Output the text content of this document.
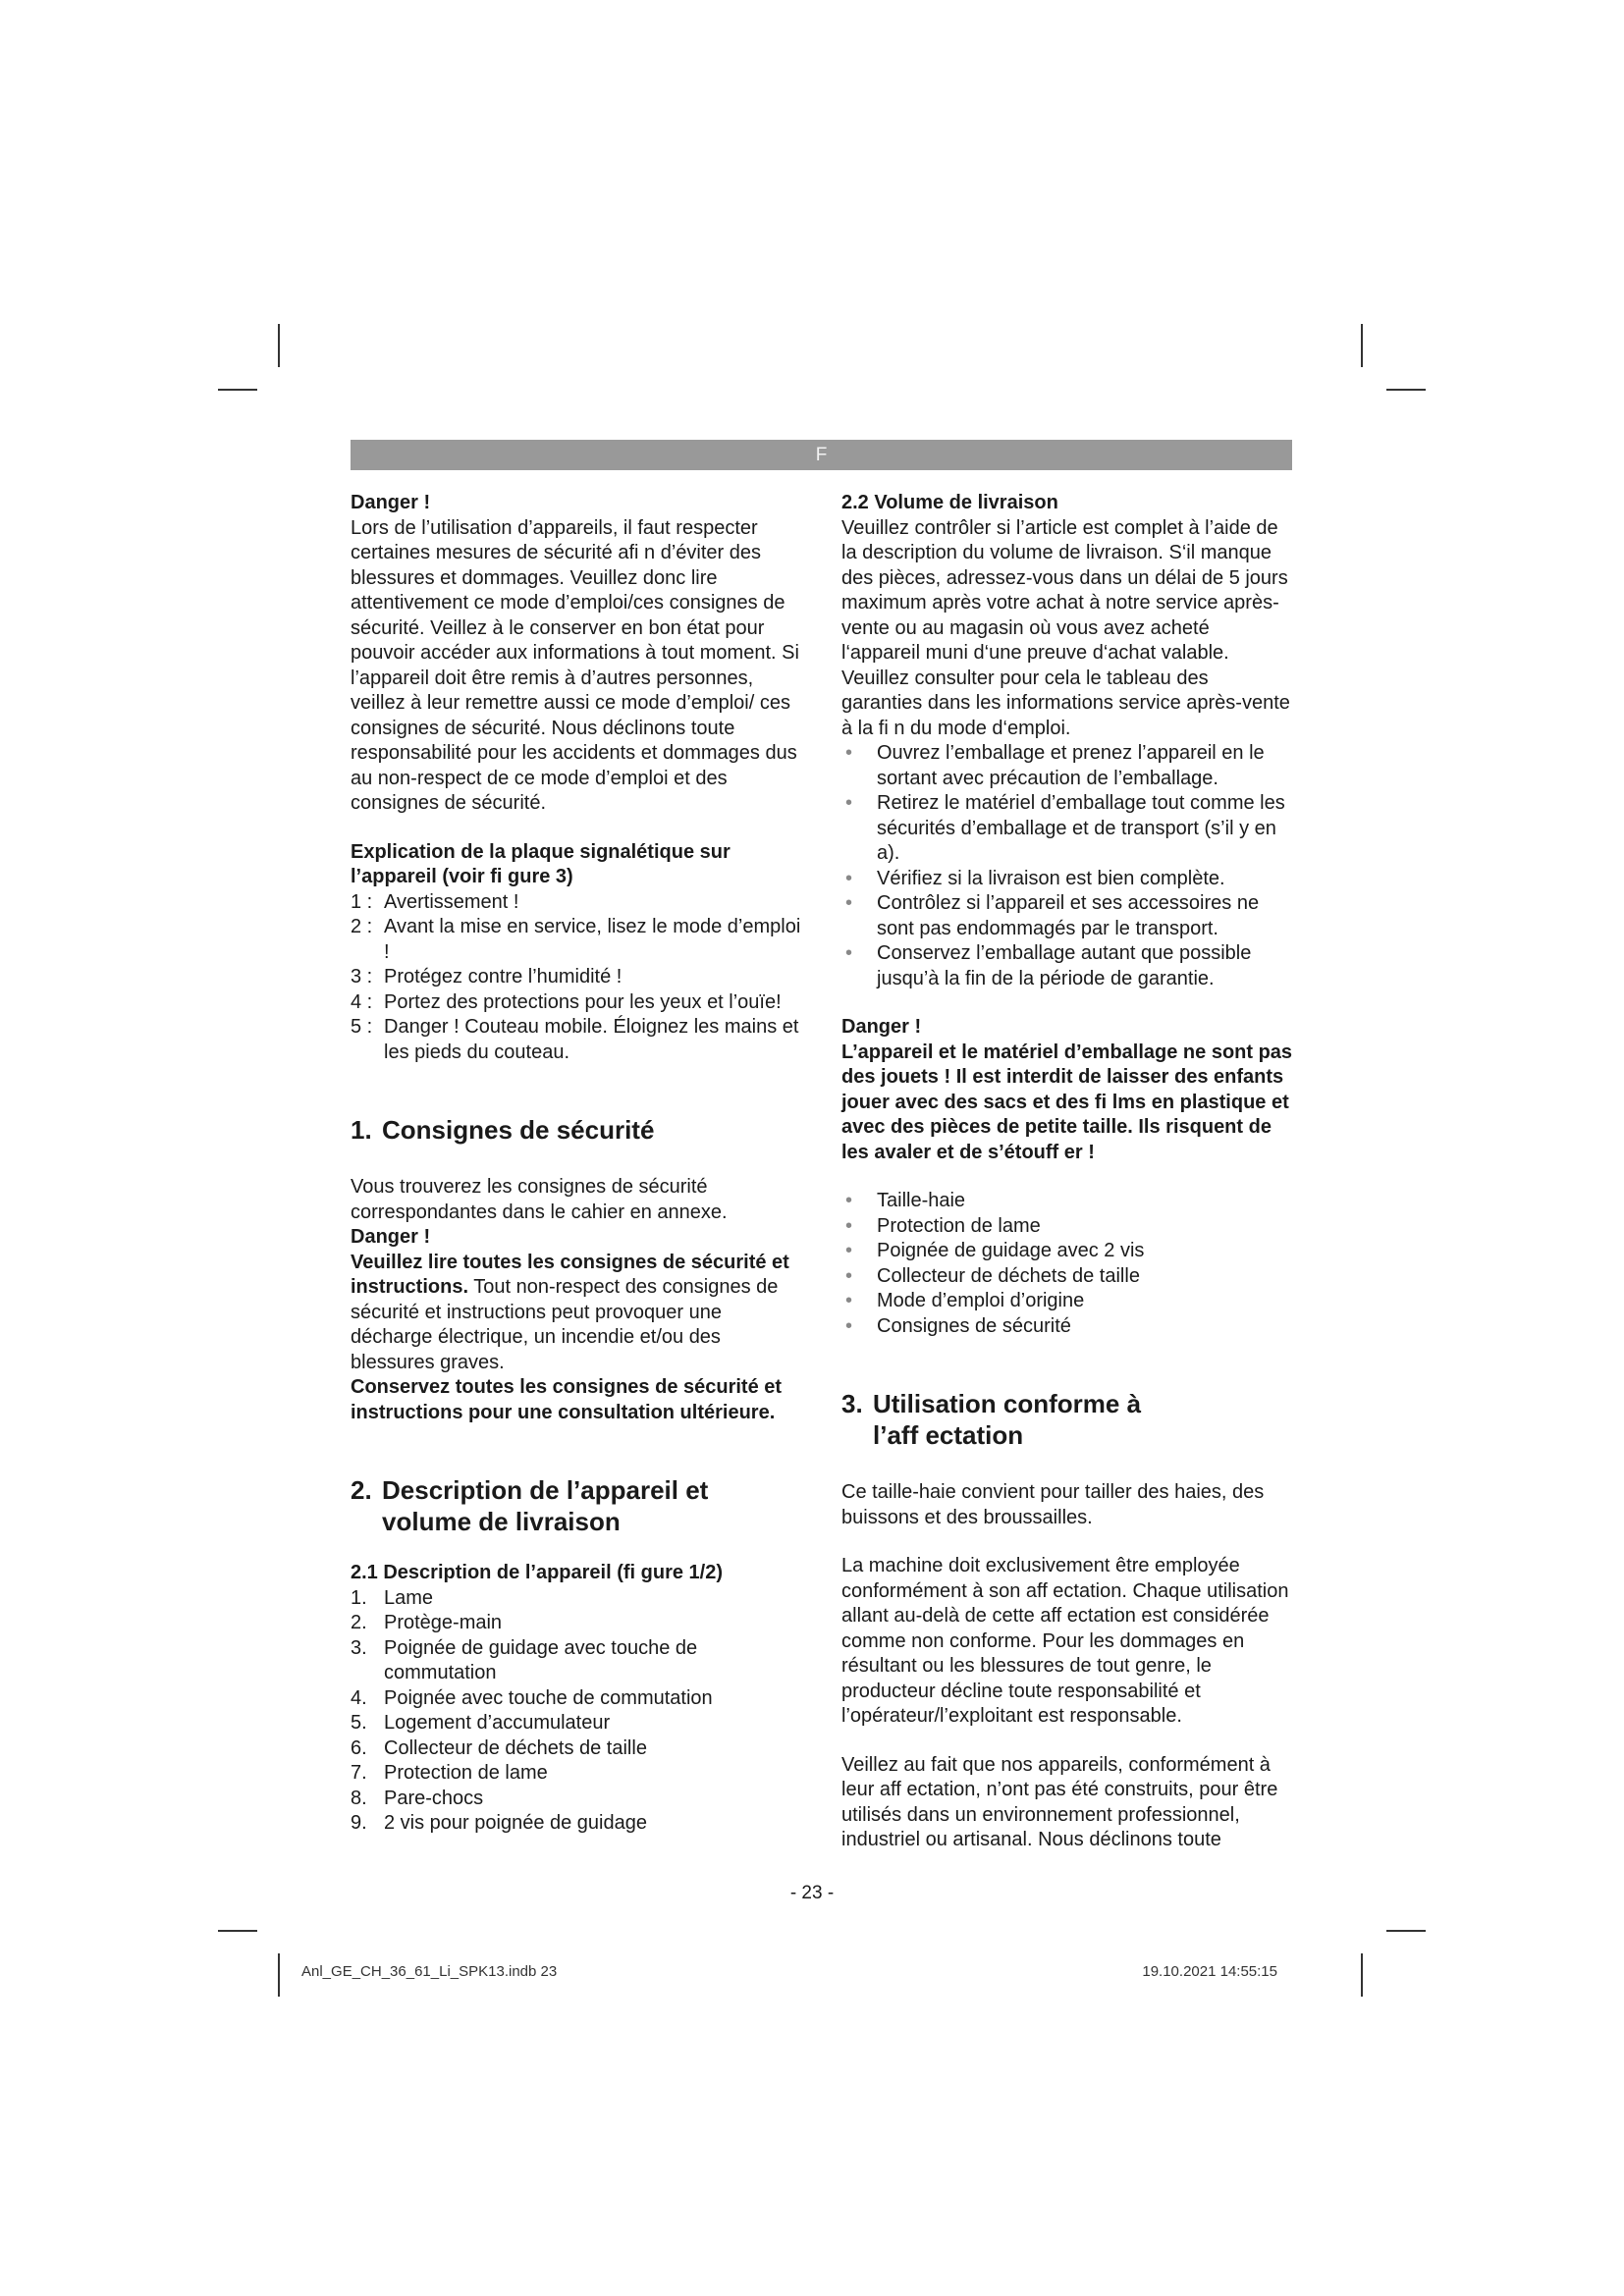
F

Danger !

Lors de l’utilisation d’appareils, il faut respecter certaines mesures de sécurité afi n d’éviter des blessures et dommages. Veuillez donc lire attentivement ce mode d’emploi/ces consignes de sécurité. Veillez à le conserver en bon état pour pouvoir accéder aux informations à tout moment. Si l’appareil doit être remis à d’autres personnes, veillez à leur remettre aussi ce mode d’emploi/ ces consignes de sécurité. Nous déclinons toute responsabilité pour les accidents et dommages dus au non-respect de ce mode d’emploi et des consignes de sécurité.

Explication de la plaque signalétique sur l’appareil (voir fi gure 3)

1 : Avertissement !
2 : Avant la mise en service, lisez le mode d’emploi !
3 : Protégez contre l’humidité !
4 : Portez des protections pour les yeux et l’ouïe!
5 : Danger ! Couteau mobile. Éloignez les mains et les pieds du couteau.
1. Consignes de sécurité

Vous trouverez les consignes de sécurité correspondantes dans le cahier en annexe.

Danger !

Veuillez lire toutes les consignes de sécurité et instructions. Tout non-respect des consignes de sécurité et instructions peut provoquer une décharge électrique, un incendie et/ou des blessures graves.

Conservez toutes les consignes de sécurité et instructions pour une consultation ultérieure.

2. Description de l’appareil et
volume de livraison

2.1 Description de l’appareil (fi gure 1/2)

1. Lame
2. Protège-main
3. Poignée de guidage avec touche de commutation
4. Poignée avec touche de commutation
5. Logement d’accumulateur
6. Collecteur de déchets de taille
7. Protection de lame
8. Pare-chocs
9. 2 vis pour poignée de guidage

2.2 Volume de livraison

Veuillez contrôler si l’article est complet à l’aide de la description du volume de livraison. S‘il manque des pièces, adressez-vous dans un délai de 5 jours maximum après votre achat à notre service après-vente ou au magasin où vous avez acheté l‘appareil muni d‘une preuve d‘achat valable. Veuillez consulter pour cela le tableau des garanties dans les informations service après-vente à la fi n du mode d‘emploi.

• Ouvrez l’emballage et prenez l’appareil en le sortant avec précaution de l’emballage.
• Retirez le matériel d’emballage tout comme les sécurités d’emballage et de transport (s’il y en a).
• Vérifiez si la livraison est bien complète.
• Contrôlez si l’appareil et ses accessoires ne sont pas endommagés par le transport.
• Conservez l’emballage autant que possible jusqu’à la fin de la période de garantie.

Danger !

L’appareil et le matériel d’emballage ne sont pas des jouets ! Il est interdit de laisser des enfants jouer avec des sacs et des fi lms en plastique et avec des pièces de petite taille. Ils risquent de les avaler et de s’étouff er !

• Taille-haie
• Protection de lame
• Poignée de guidage avec 2 vis
• Collecteur de déchets de taille
• Mode d’emploi d’origine
• Consignes de sécurité
3. Utilisation conforme à
l’aff ectation

Ce taille-haie convient pour tailler des haies, des buissons et des broussailles.

La machine doit exclusivement être employée conformément à son aff ectation. Chaque utilisation allant au-delà de cette aff ectation est considérée comme non conforme. Pour les dommages en résultant ou les blessures de tout genre, le producteur décline toute responsabilité et l’opérateur/l’exploitant est responsable.

Veillez au fait que nos appareils, conformément à leur aff ectation, n’ont pas été construits, pour être utilisés dans un environnement professionnel, industriel ou artisanal. Nous déclinons toute

- 23 -
Anl_GE_CH_36_61_Li_SPK13.indb 23	19.10.2021 14:55:15
